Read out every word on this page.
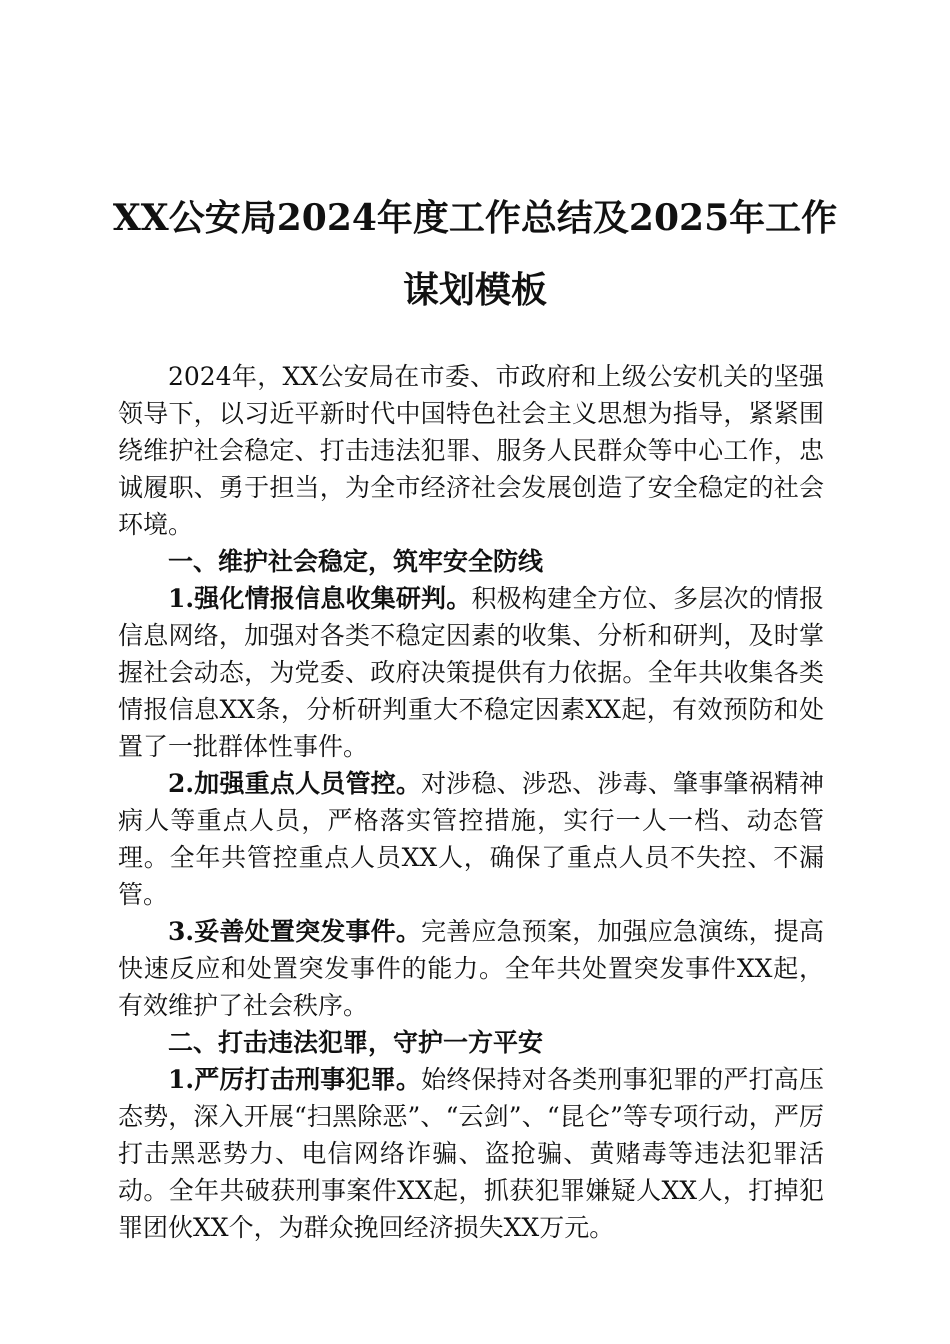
XX公安局2024年度工作总结及2025年工作
谋划模板

2024年，XX公安局在市委、市政府和上级公安机关的坚强领导下，以习近平新时代中国特色社会主义思想为指导，紧紧围绕维护社会稳定、打击违法犯罪、服务人民群众等中心工作，忠诚履职、勇于担当，为全市经济社会发展创造了安全稳定的社会环境。

一、维护社会稳定，筑牢安全防线

1.强化情报信息收集研判。积极构建全方位、多层次的情报信息网络，加强对各类不稳定因素的收集、分析和研判，及时掌握社会动态，为党委、政府决策提供有力依据。全年共收集各类情报信息XX条，分析研判重大不稳定因素XX起，有效预防和处置了一批群体性事件。

2.加强重点人员管控。对涉稳、涉恐、涉毒、肇事肇祸精神病人等重点人员，严格落实管控措施，实行一人一档、动态管理。全年共管控重点人员XX人，确保了重点人员不失控、不漏管。

3.妥善处置突发事件。完善应急预案，加强应急演练，提高快速反应和处置突发事件的能力。全年共处置突发事件XX起，有效维护了社会秩序。

二、打击违法犯罪，守护一方平安

1.严厉打击刑事犯罪。始终保持对各类刑事犯罪的严打高压态势，深入开展“扫黑除恶”、“云剑”、“昆仑”等专项行动，严厉打击黑恶势力、电信网络诈骗、盗抢骗、黄赌毒等违法犯罪活动。全年共破获刑事案件XX起，抓获犯罪嫌疑人XX人，打掉犯罪团伙XX个，为群众挽回经济损失XX万元。
